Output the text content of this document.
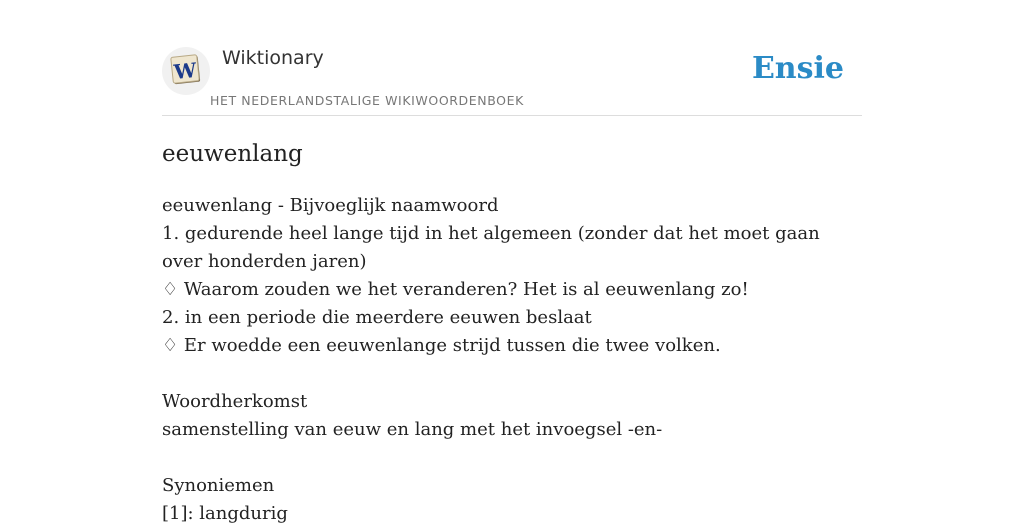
W Wiktionary
HET NEDERLANDSTALIGE WIKIWOORDENBOEK
Ensie
eeuwenlang
eeuwenlang - Bijvoeglijk naamwoord
1. gedurende heel lange tijd in het algemeen (zonder dat het moet gaan over honderden jaren)
♢ Waarom zouden we het veranderen? Het is al eeuwenlang zo!
2. in een periode die meerdere eeuwen beslaat
♢ Er woedde een eeuwenlange strijd tussen die twee volken.
Woordherkomst
samenstelling van eeuw en lang met het invoegsel -en-
Synoniemen
[1]: langdurig
